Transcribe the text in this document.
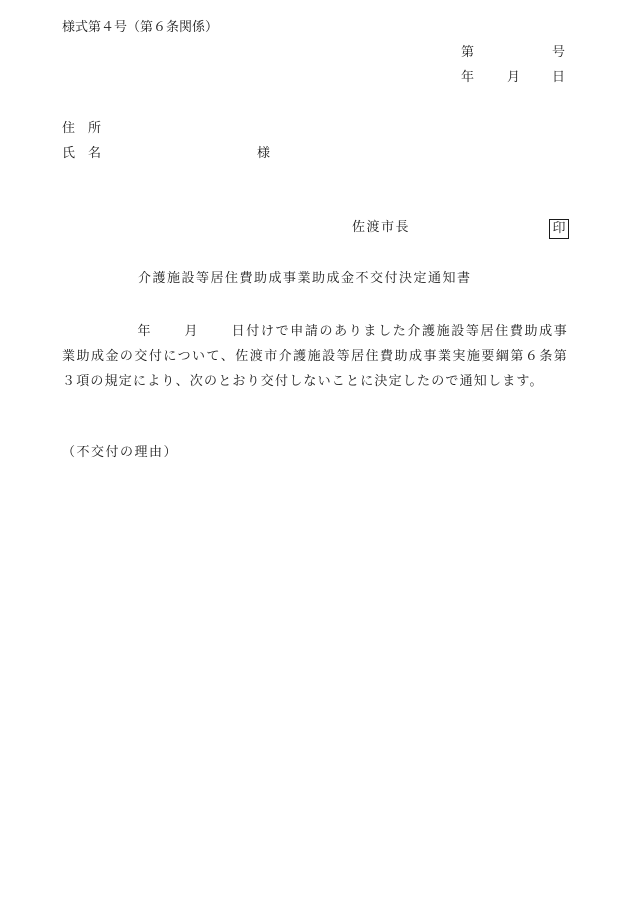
様式第４号（第６条関係）
第	号
年	月 日
住　所
氏　名	様
佐渡市長	印
介護施設等居住費助成事業助成金不交付決定通知書
年 月 日付けで申請のありました介護施設等居住費助成事業助成金の交付について、佐渡市介護施設等居住費助成事業実施要綱第６条第３項の規定により、次のとおり交付しないことに決定したので通知します。
（不交付の理由）
